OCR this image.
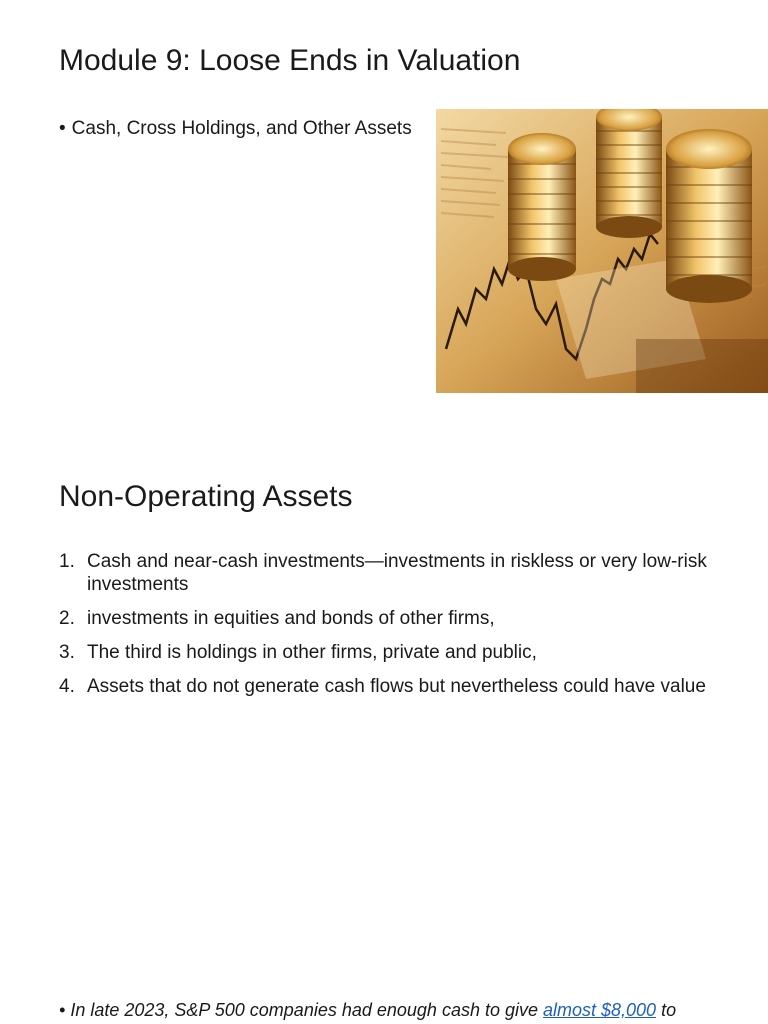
Module 9: Loose Ends in Valuation
• Cash, Cross Holdings, and Other Assets
Non-Operating Assets
1. Cash and near-cash investments—investments in riskless or very low-risk investments
2. investments in equities and bonds of other firms,
3. The third is holdings in other firms, private and public,
4. Assets that do not generate cash flows but nevertheless could have value
• In late 2023, S&P 500 companies had enough cash to give almost $8,000 to
